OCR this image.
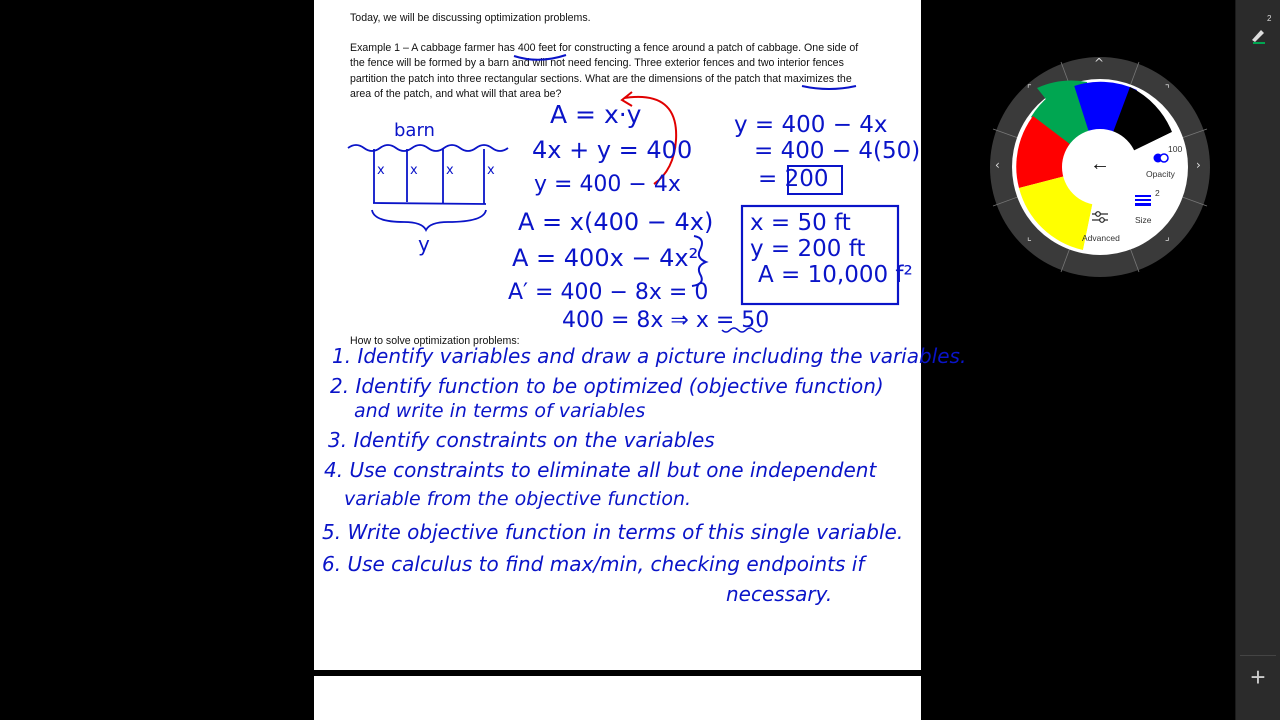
Today, we will be discussing optimization problems.
Example 1 – A cabbage farmer has 400 feet for constructing a fence around a patch of cabbage. One side of
the fence will be formed by a barn and will not need fencing. Three exterior fences and two interior fences
partition the patch into three rectangular sections. What are the dimensions of the patch that maximizes the
area of the patch, and what will that area be?
How to solve optimization problems:
barn
x x x	x
y
A = x·y
4x + y = 400
y = 400 − 4x
A = x(400 − 4x)
A = 400x − 4x²
A′ = 400 − 8x = 0
400 = 8x ⇒ x = 50
y = 400 − 4x
= 400 − 4(50)
= 200
x = 50 ft
y = 200 ft
A = 10,000 f²
1. Identify variables and draw a picture including the variables.
2. Identify function to be optimized (objective function)
and write in terms of variables
3. Identify constraints on the variables
4. Use constraints to eliminate all but one independent
variable from the objective function.
5. Write objective function in terms of this single variable.
6. Use calculus to find max/min, checking endpoints if
necessary.
^
‹	›
⌜	⌝
⌞	⌟
←
100
Opacity
2
Size
Advanced
2
+
